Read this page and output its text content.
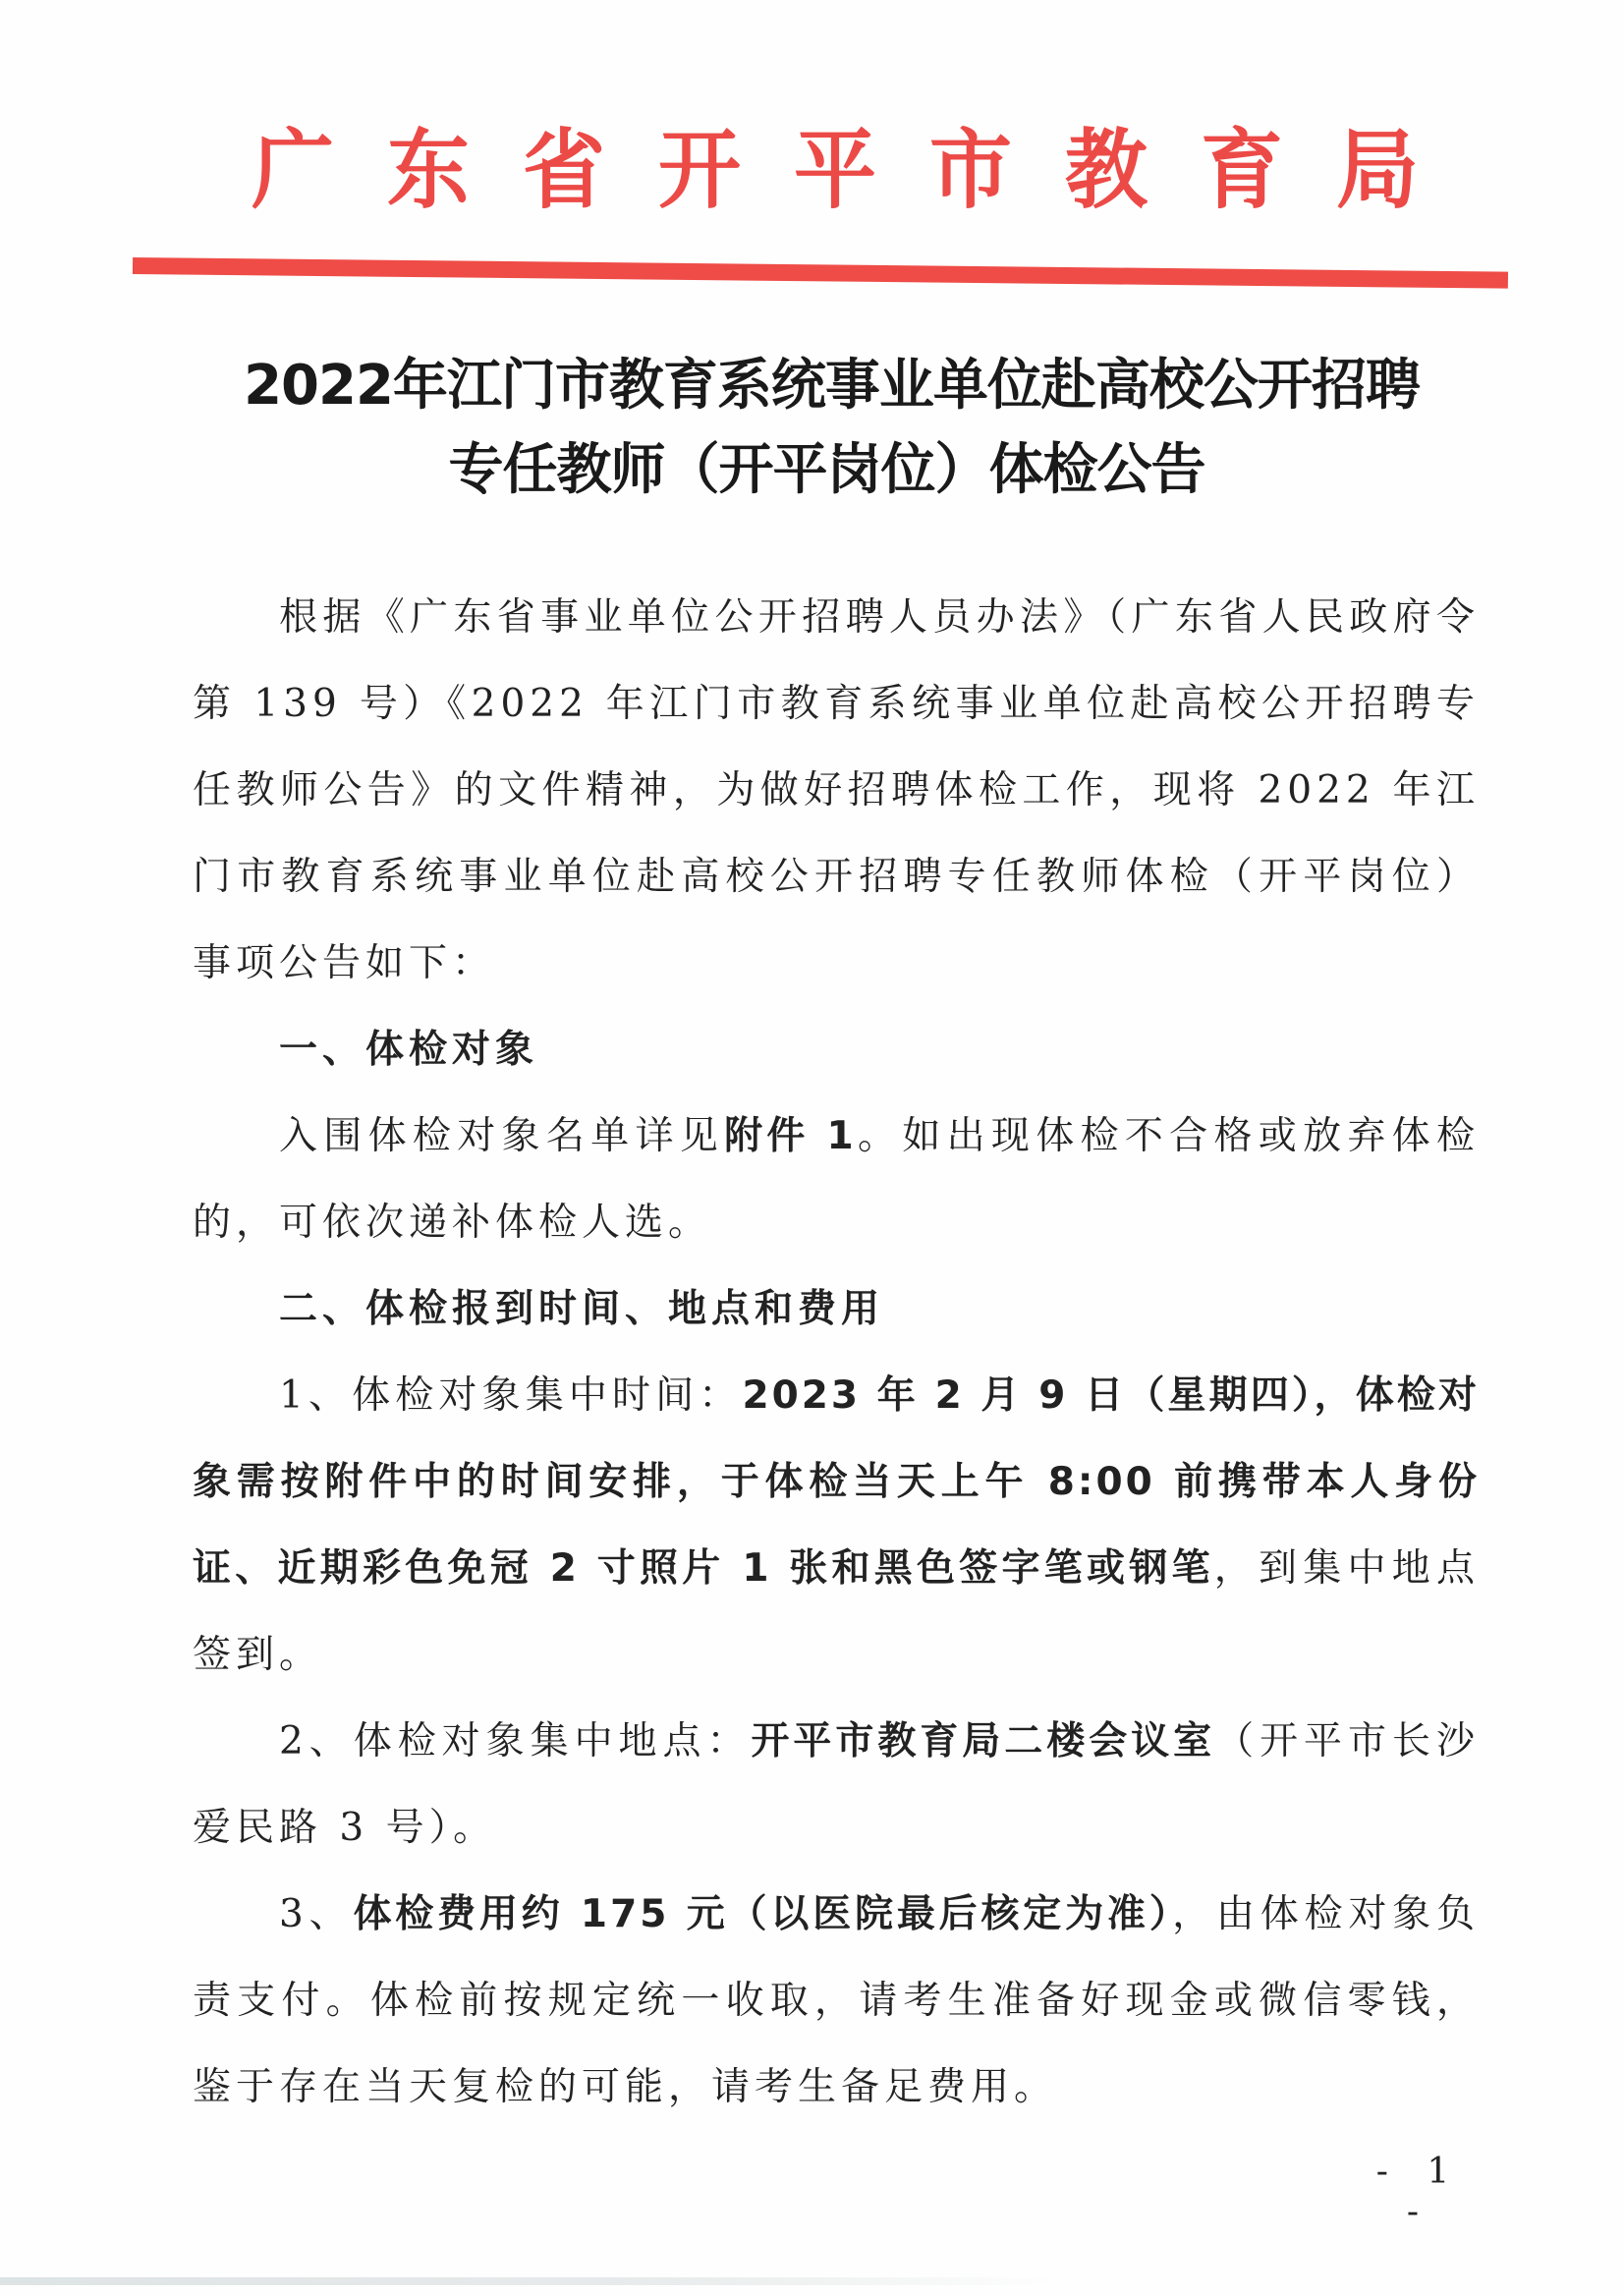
广 东 省 开 平 市 教 育 局
2022年江门市教育系统事业单位赴高校公开招聘
专任教师（开平岗位）体检公告

根据《广东省事业单位公开招聘人员办法》（广东省人民政府令第 139 号）《2022 年江门市教育系统事业单位赴高校公开招聘专任教师公告》的文件精神，为做好招聘体检工作，现将 2022 年江门市教育系统事业单位赴高校公开招聘专任教师体检（开平岗位）事项公告如下：

一、体检对象

入围体检对象名单详见附件 1。如出现体检不合格或放弃体检的，可依次递补体检人选。

二、体检报到时间、地点和费用

1、体检对象集中时间：2023 年 2 月 9 日（星期四），体检对象需按附件中的时间安排，于体检当天上午 8:00 前携带本人身份证、近期彩色免冠 2 寸照片 1 张和黑色签字笔或钢笔，到集中地点签到。

2、体检对象集中地点：开平市教育局二楼会议室（开平市长沙爱民路 3 号）。

3、体检费用约 175 元（以医院最后核定为准），由体检对象负责支付。体检前按规定统一收取，请考生准备好现金或微信零钱，鉴于存在当天复检的可能，请考生备足费用。

- 1 -
